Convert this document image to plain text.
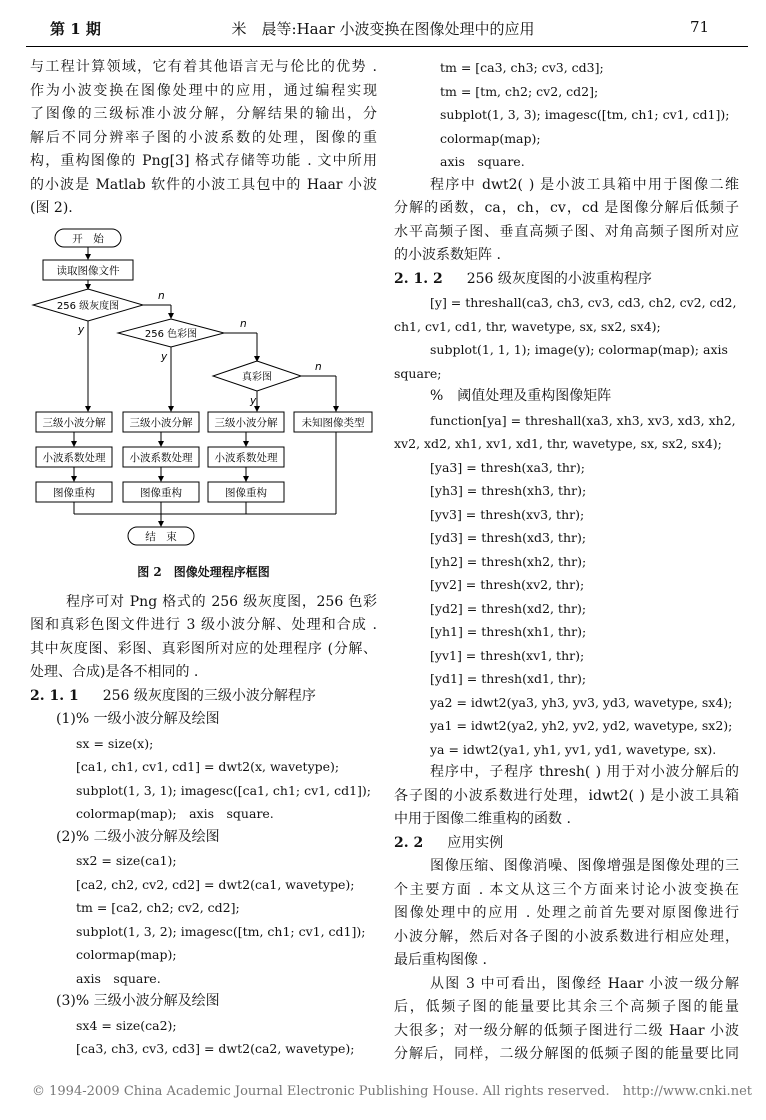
第 1 期	米　晨等:Haar 小波变换在图像处理中的应用	71
与工程计算领域，它有着其他语言无与伦比的优势 .
作为小波变换在图像处理中的应用，通过编程实现
了图像的三级标准小波分解，分解结果的输出，分
解后不同分辨率子图的小波系数的处理，图像的重
构，重构图像的 Png[3] 格式存储等功能 . 文中所用
的小波是 Matlab 软件的小波工具包中的 Haar 小波
(图 2).
开　始
读取图像文件
256 级灰度图
256 色彩图
真彩图
n
n
n
y
y
y
三级小波分解 三级小波分解 三级小波分解 未知图像类型
小波系数处理 小波系数处理 小波系数处理
图像重构	图像重构	图像重构
结　束
图 2　图像处理程序框图
程序可对 Png 格式的 256 级灰度图，256 色彩
图和真彩色图文件进行 3 级小波分解、处理和合成 .
其中灰度图、彩图、真彩图所对应的处理程序 (分解、
处理、合成)是各不相同的 .
2. 1. 1 256 级灰度图的三级小波分解程序
(1)% 一级小波分解及绘图
sx = size(x);
[ca1, ch1, cv1, cd1] = dwt2(x, wavetype);
subplot(1, 3, 1); imagesc([ca1, ch1; cv1, cd1]);
colormap(map);　axis　square.
(2)% 二级小波分解及绘图
sx2 = size(ca1);
[ca2, ch2, cv2, cd2] = dwt2(ca1, wavetype);
tm = [ca2, ch2; cv2, cd2];
subplot(1, 3, 2); imagesc([tm, ch1; cv1, cd1]);
colormap(map);
axis　square.
(3)% 三级小波分解及绘图
sx4 = size(ca2);
[ca3, ch3, cv3, cd3] = dwt2(ca2, wavetype);
tm = [ca3, ch3; cv3, cd3];
tm = [tm, ch2; cv2, cd2];
subplot(1, 3, 3); imagesc([tm, ch1; cv1, cd1]);
colormap(map);
axis　square.
程序中 dwt2( ) 是小波工具箱中用于图像二维
分解的函数，ca，ch，cv，cd 是图像分解后低频子
水平高频子图、垂直高频子图、对角高频子图所对应
的小波系数矩阵 .
2. 1. 2 256 级灰度图的小波重构程序
[y] = threshall(ca3, ch3, cv3, cd3, ch2, cv2, cd2,
ch1, cv1, cd1, thr, wavetype, sx, sx2, sx4);
subplot(1, 1, 1); image(y); colormap(map); axis
square;
%　阈值处理及重构图像矩阵
function[ya] = threshall(xa3, xh3, xv3, xd3, xh2,
xv2, xd2, xh1, xv1, xd1, thr, wavetype, sx, sx2, sx4);
[ya3] = thresh(xa3, thr);
[yh3] = thresh(xh3, thr);
[yv3] = thresh(xv3, thr);
[yd3] = thresh(xd3, thr);
[yh2] = thresh(xh2, thr);
[yv2] = thresh(xv2, thr);
[yd2] = thresh(xd2, thr);
[yh1] = thresh(xh1, thr);
[yv1] = thresh(xv1, thr);
[yd1] = thresh(xd1, thr);
ya2 = idwt2(ya3, yh3, yv3, yd3, wavetype, sx4);
ya1 = idwt2(ya2, yh2, yv2, yd2, wavetype, sx2);
ya = idwt2(ya1, yh1, yv1, yd1, wavetype, sx).
程序中，子程序 thresh( ) 用于对小波分解后的
各子图的小波系数进行处理，idwt2( ) 是小波工具箱
中用于图像二维重构的函数 .
2. 2 应用实例
图像压缩、图像消噪、图像增强是图像处理的三
个主要方面 . 本文从这三个方面来讨论小波变换在
图像处理中的应用 . 处理之前首先要对原图像进行
小波分解，然后对各子图的小波系数进行相应处理，
最后重构图像 .
从图 3 中可看出，图像经 Haar 小波一级分解
后，低频子图的能量要比其余三个高频子图的能量
大很多；对一级分解的低频子图进行二级 Haar 小波
分解后，同样，二级分解图的低频子图的能量要比同
© 1994-2009 China Academic Journal Electronic Publishing House. All rights reserved.　http://www.cnki.net
